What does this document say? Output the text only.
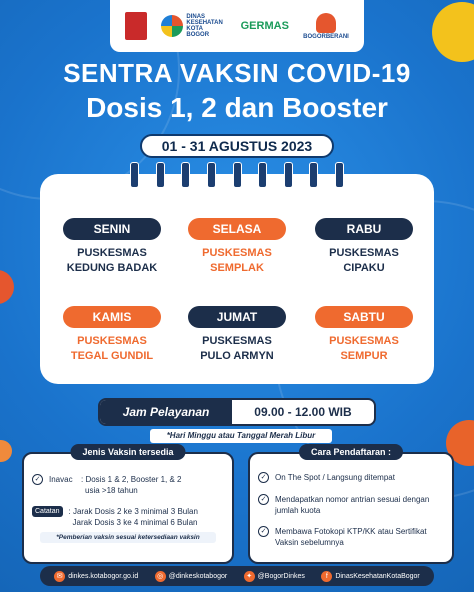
DINAS KESEHATAN KOTA BOGOR
GERMAS
BOGORBERANI
SENTRA VAKSIN COVID-19
Dosis 1, 2 dan Booster
01 - 31 AGUSTUS 2023
SENIN
PUSKESMAS
KEDUNG BADAK
SELASA
PUSKESMAS
SEMPLAK
RABU
PUSKESMAS
CIPAKU
KAMIS
PUSKESMAS
TEGAL GUNDIL
JUMAT
PUSKESMAS
PULO ARMYN
SABTU
PUSKESMAS
SEMPUR
Jam Pelayanan	09.00 - 12.00 WIB
*Hari Minggu atau Tanggal Merah Libur
Jenis Vaksin tersedia
✓	Inavac	: Dosis 1 & 2, Booster 1, & 2
usia >18 tahun
Catatan	: Jarak Dosis 2 ke 3 minimal 3 Bulan
Jarak Dosis 3 ke 4 minimal 6 Bulan
*Pemberian vaksin sesuai ketersediaan vaksin
Cara Pendaftaran :
✓	On The Spot / Langsung ditempat
✓	Mendapatkan nomor antrian sesuai dengan jumlah kuota
✓	Membawa Fotokopi KTP/KK atau Sertifikat Vaksin sebelumnya
✉ dinkes.kotabogor.go.id	◎ @dinkeskotabogor	✦ @BogorDinkes	f	DinasKesehatanKotaBogor
